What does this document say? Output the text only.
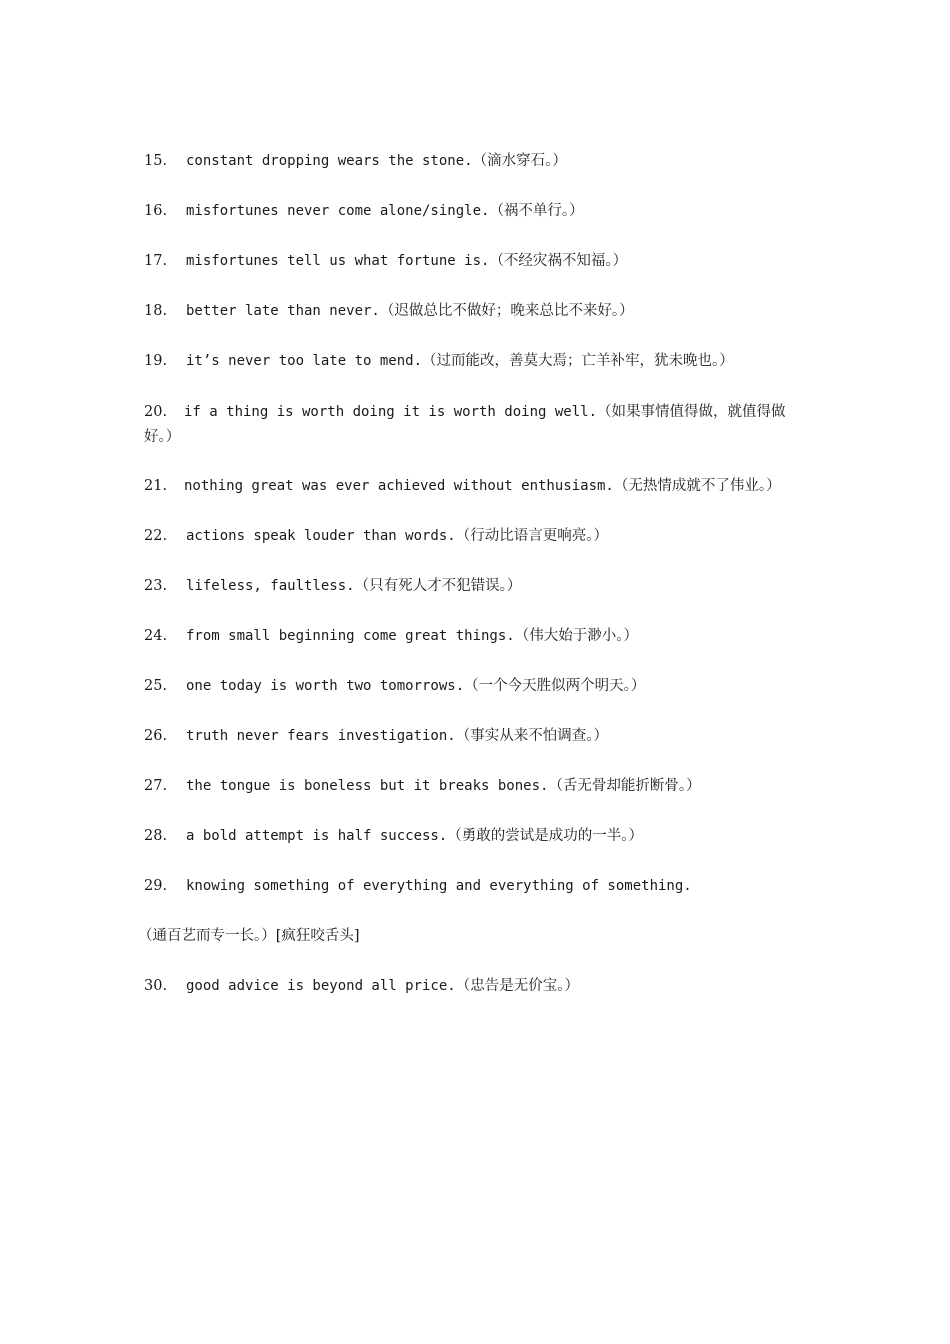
15. constant dropping wears the stone.（滴水穿石。）

16. misfortunes never come alone/single.（祸不单行。）

17. misfortunes tell us what fortune is.（不经灾祸不知福。）

18. better late than never.（迟做总比不做好；晚来总比不来好。）

19. it’s never too late to mend.（过而能改，善莫大焉；亡羊补牢，犹未晚也。）

20. if a thing is worth doing it is worth doing well.（如果事情值得做，就值得做好。）

21. nothing great was ever achieved without enthusiasm.（无热情成就不了伟业。）

22. actions speak louder than words.（行动比语言更响亮。）

23. lifeless, faultless.（只有死人才不犯错误。）

24. from small beginning come great things.（伟大始于渺小。）

25. one today is worth two tomorrows.（一个今天胜似两个明天。）

26. truth never fears investigation.（事实从来不怕调查。）

27. the tongue is boneless but it breaks bones.（舌无骨却能折断骨。）

28. a bold attempt is half success.（勇敢的尝试是成功的一半。）

29. knowing something of everything and everything of something.

（通百艺而专一长。）[疯狂咬舌头]

30. good advice is beyond all price.（忠告是无价宝。）
